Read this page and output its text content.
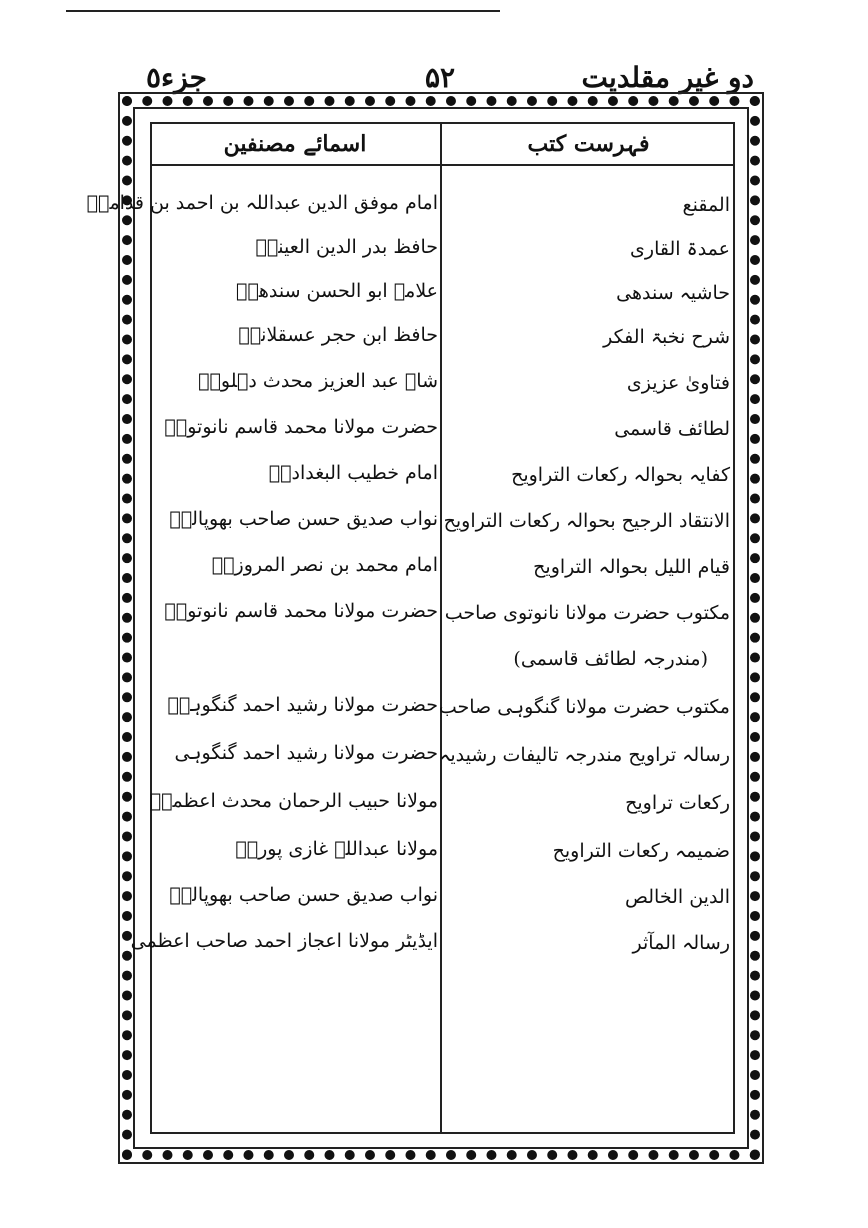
جزء٥	۵۲	دو غیر مقلدیت
فہرست کتب
اسمائے مصنفین
المقنع
عمدۃ القاری
حاشیہ سندھی
شرح نخبۃ الفکر
فتاویٰ عزیزی
لطائف قاسمی
کفایہ بحوالہ رکعات التراویح
الانتقاد الرجیح بحوالہ رکعات التراویح
قیام اللیل بحوالہ التراویح
مکتوب حضرت مولانا نانوتوی صاحب
(مندرجہ لطائف قاسمی)
مکتوب حضرت مولانا گنگوہی صاحب
رسالہ تراویح مندرجہ تالیفات رشیدیہ
رکعات تراویح
ضمیمہ رکعات التراویح
الدین الخالص
رسالہ المآثر
امام موفق الدین عبداللہ بن احمد بن قدامہؒ
حافظ بدر الدین العینیؒ
علامہ ابو الحسن سندھیؒ
حافظ ابن حجر عسقلانیؒ
شاہ عبد العزیز محدث دہلویؒ
حضرت مولانا محمد قاسم نانوتویؒ
امام خطیب البغدادیؒ
نواب صدیق حسن صاحب بھوپالیؒ
امام محمد بن نصر المروزیؒ
حضرت مولانا محمد قاسم نانوتویؒ
حضرت مولانا رشید احمد گنگوہیؒ
حضرت مولانا رشید احمد گنگوہی
مولانا حبیب الرحمان محدث اعظمیؒ
مولانا عبداللہ غازی پوریؒ
نواب صدیق حسن صاحب بھوپالیؒ
ایڈیٹر مولانا اعجاز احمد صاحب اعظمی
